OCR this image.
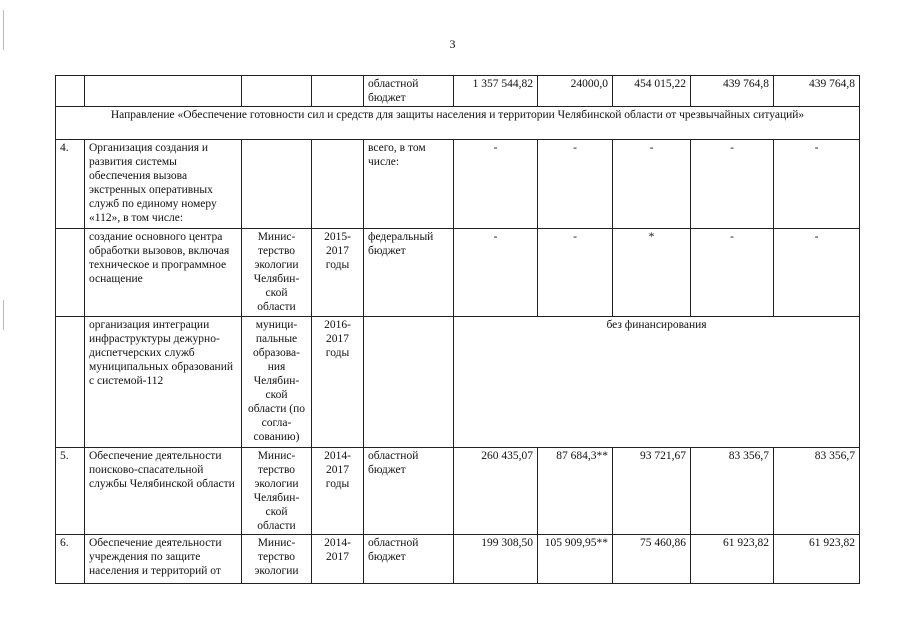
3
				областной бюджет	1 357 544,82	24000,0	454 015,22	439 764,8	439 764,8
Направление «Обеспечение готовности сил и средств для защиты населения и территории Челябинской области от чрезвычайных ситуаций»									
4.	Организация создания и развития системы обеспечения вызова экстренных оперативных служб по единому номеру «112», в том числе:			всего, в том числе:	-	-	-	-	-
	создание основного центра обработки вызовов, включая техническое и программное оснащение	Минис- терство экологии Челябин- ской области	2015- 2017 годы	федеральный бюджет	-	-	*	-	-
	организация интеграции инфраструктуры дежурно-диспетчерских служб муниципальных образований с системой-112	муници- пальные образова- ния Челябин- ской области (по согла- сованию)	2016- 2017 годы		без финансирования				
5.	Обеспечение деятельности поисково-спасательной службы Челябинской области	Минис- терство экологии Челябин- ской области	2014- 2017 годы	областной бюджет	260 435,07	87 684,3**	93 721,67	83 356,7	83 356,7
6.	Обеспечение деятельности учреждения по защите населения и территорий от	Минис- терство экологии	2014- 2017	областной бюджет	199 308,50	105 909,95**	75 460,86	61 923,82	61 923,82
